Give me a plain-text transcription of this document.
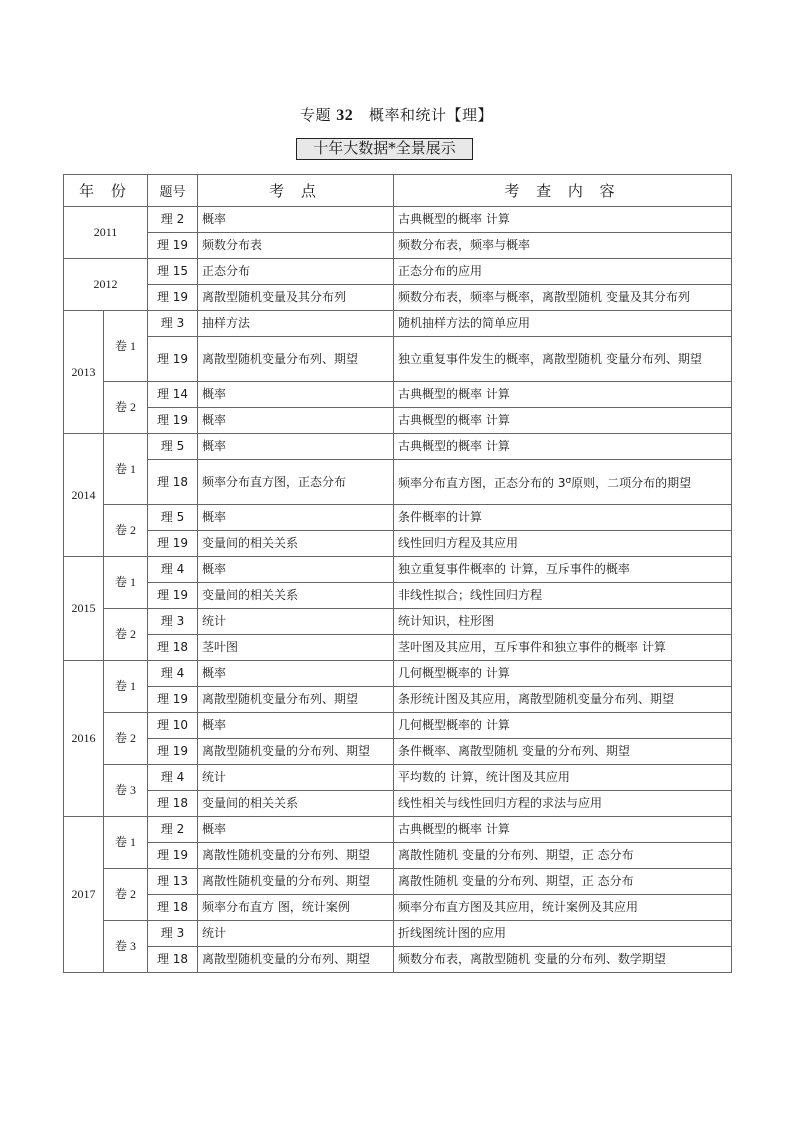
专题 32 概率和统计【理】
十年大数据*全景展示
年 份		题号	考 点	考 查 内 容
2011		理 2	概率	古典概型的概率 计算
		理 19	频数分布表	频数分布表，频率与概率
2012		理 15	正态分布	正态分布的应用
		理 19	离散型随机变量及其分布列	频数分布表，频率与概率，离散型随机 变量及其分布列
2013	卷 1	理 3	抽样方法	随机抽样方法的简单应用
		理 19	离散型随机变量分布列、期望	独立重复事件发生的概率，离散型随机 变量分布列、期望
	卷 2	理 14	概率	古典概型的概率 计算
		理 19	概率	古典概型的概率 计算
2014	卷 1	理 5	概率	古典概型的概率 计算
		理 18	频率分布直方图，正态分布	频率分布直方图，正态分布的 $3^\sigma$原则，二项分布的期望
	卷 2	理 5	概率	条件概率的计算
		理 19	变量间的相关关系	线性回归方程及其应用
2015	卷 1	理 4	概率	独立重复事件概率的 计算，互斥事件的概率
		理 19	变量间的相关关系	非线性拟合；线性回归方程
	卷 2	理 3	统计	统计知识，柱形图
		理 18	茎叶图	茎叶图及其应用，互斥事件和独立事件的概率 计算
2016	卷 1	理 4	概率	几何概型概率的 计算
		理 19	离散型随机变量分布列、期望	条形统计图及其应用，离散型随机变量分布列、期望
	卷 2	理 10	概率	几何概型概率的 计算
		理 19	离散型随机变量的分布列、期望	条件概率、离散型随机 变量的分布列、期望
	卷 3	理 4	统计	平均数的 计算，统计图及其应用
		理 18	变量间的相关关系	线性相关与线性回归方程的求法与应用
2017	卷 1	理 2	概率	古典概型的概率 计算
		理 19	离散性随机变量的分布列、期望	离散性随机 变量的分布列、期望，正 态分布
	卷 2	理 13	离散性随机变量的分布列、期望	离散性随机 变量的分布列、期望，正 态分布
		理 18	频率分布直方 图，统计案例	频率分布直方图及其应用，统计案例及其应用
	卷 3	理 3	统计	折线图统计图的应用
		理 18	离散型随机变量的分布列、期望	频数分布表，离散型随机 变量的分布列、数学期望
